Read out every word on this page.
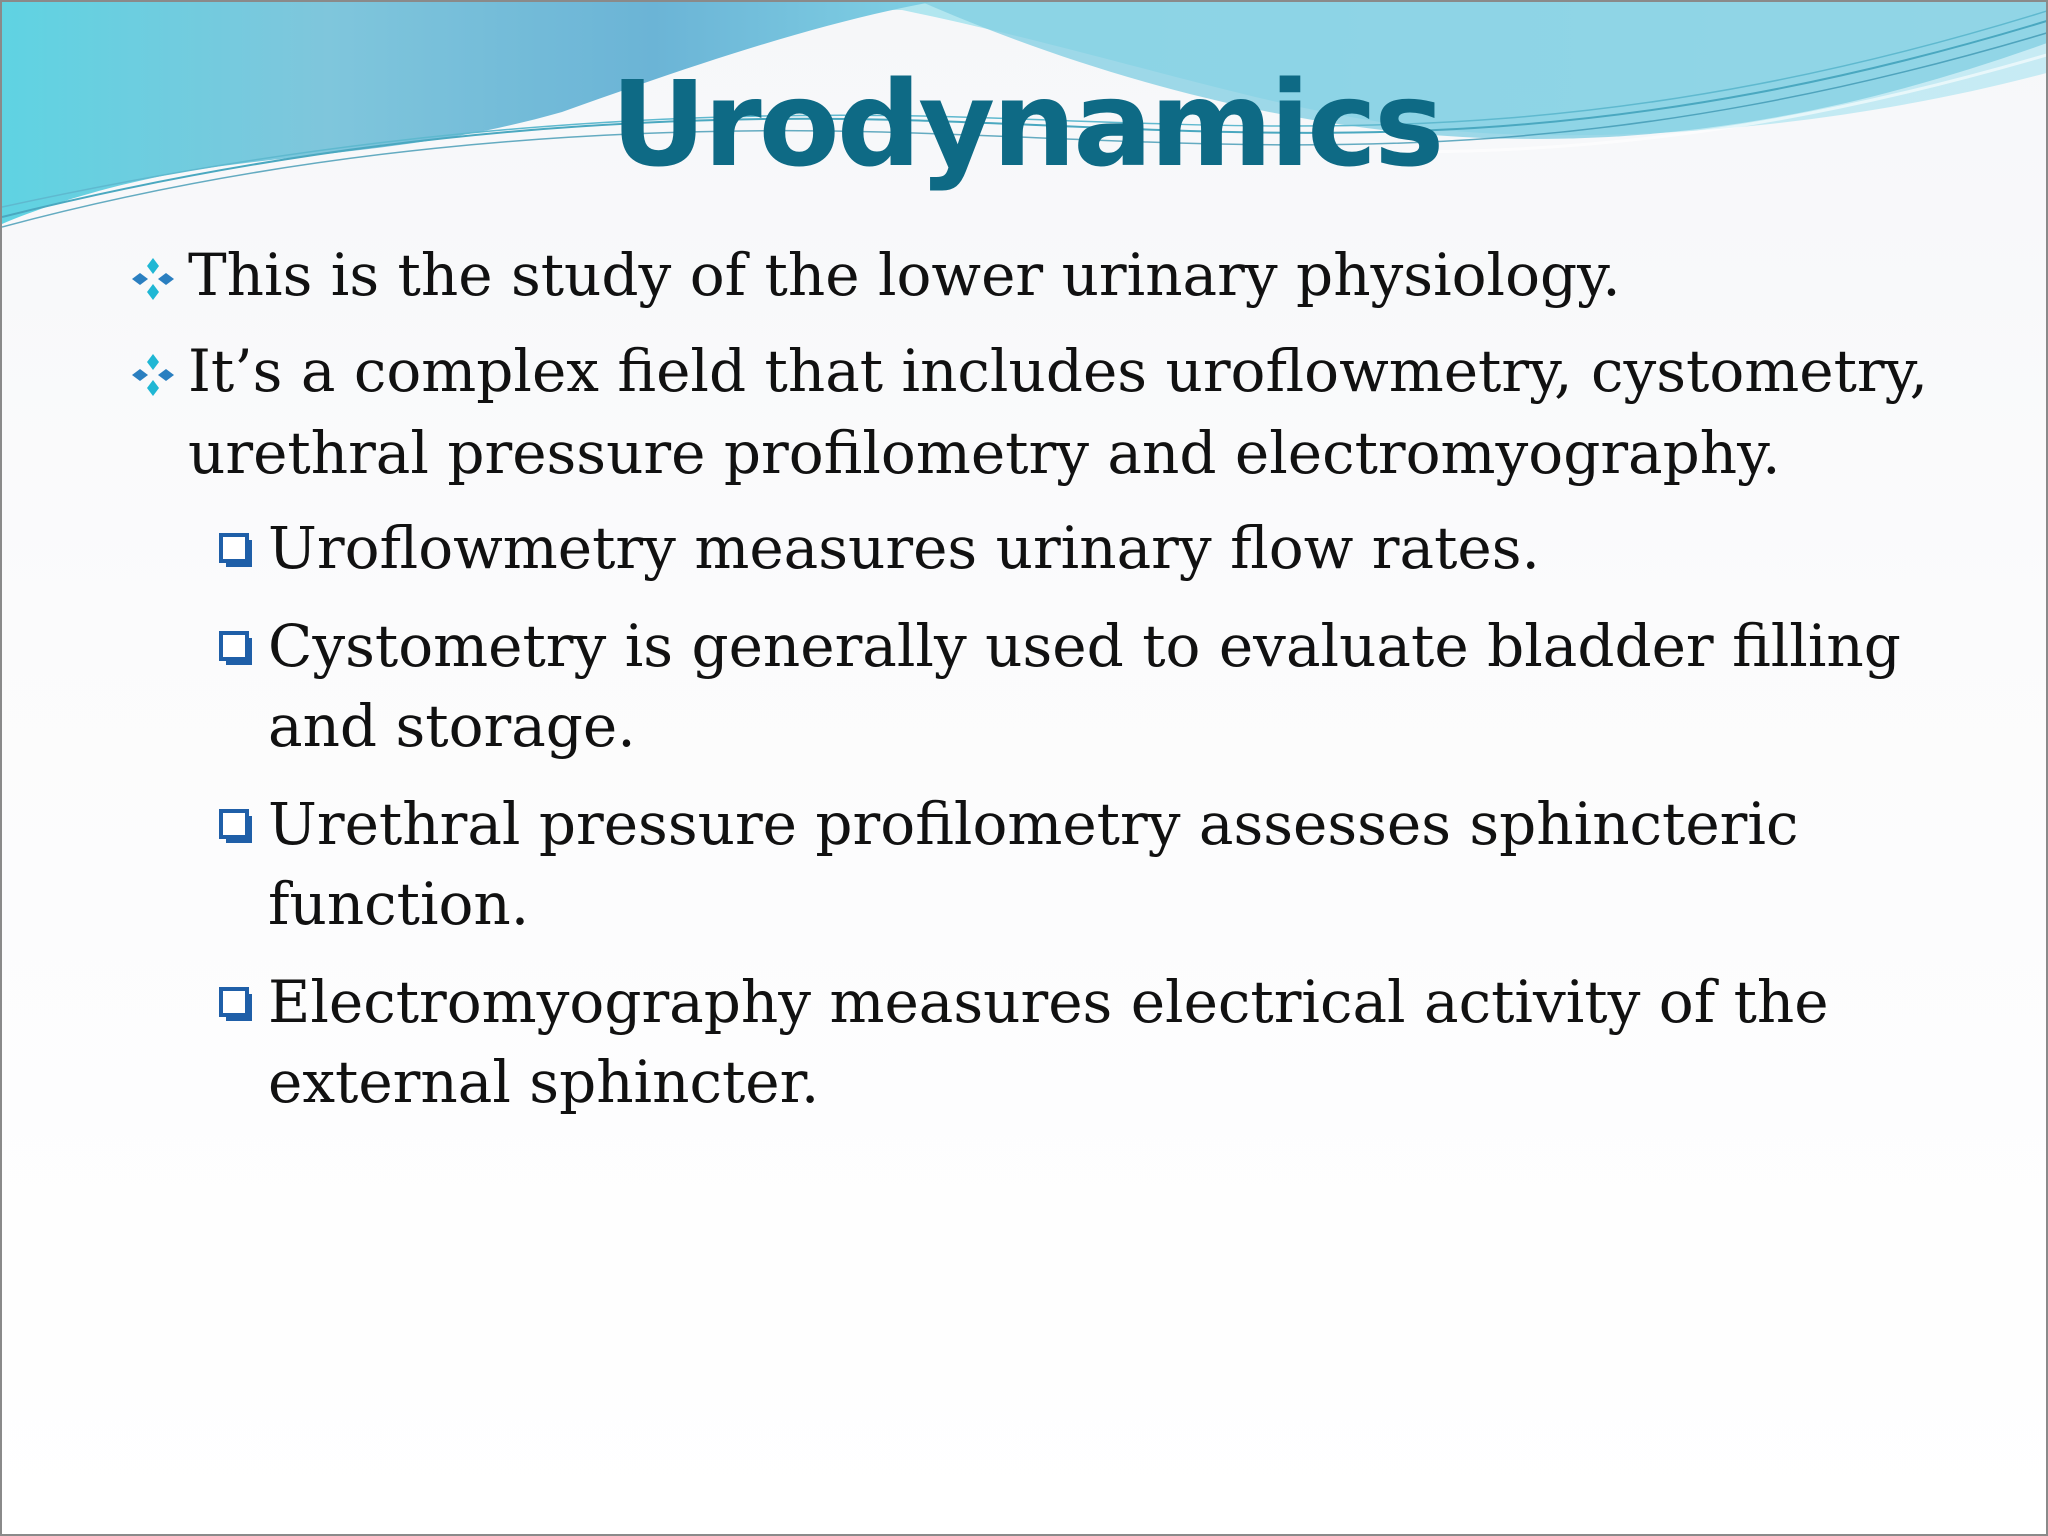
Urodynamics
This is the study of the lower urinary physiology.
It’s a complex field that includes uroflowmetry, cystometry, urethral pressure profilometry and electromyography.
Uroflowmetry measures urinary flow rates.
Cystometry is generally used to evaluate bladder filling and storage.
Urethral pressure profilometry assesses sphincteric function.
Electromyography measures electrical activity of the external sphincter.
